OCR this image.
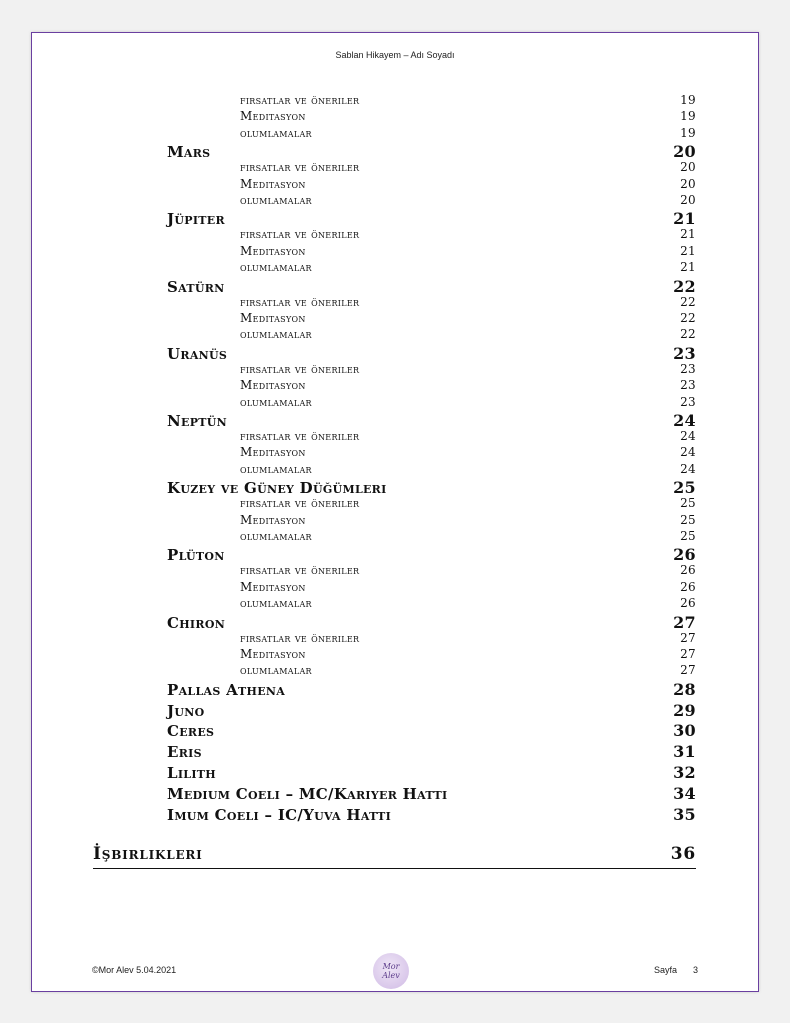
Sablan Hikayem – Adı Soyadı
fırsatlar ve öneriler	19
Meditasyon	19
olumlamalar	19
Mars	20
fırsatlar ve öneriler	20
Meditasyon	20
olumlamalar	20
Jüpiter	21
fırsatlar ve öneriler	21
Meditasyon	21
olumlamalar	21
Satürn	22
fırsatlar ve öneriler	22
Meditasyon	22
olumlamalar	22
Uranüs	23
fırsatlar ve öneriler	23
Meditasyon	23
olumlamalar	23
Neptün	24
fırsatlar ve öneriler	24
Meditasyon	24
olumlamalar	24
Kuzey ve Güney Düğümleri	25
fırsatlar ve öneriler	25
Meditasyon	25
olumlamalar	25
Plüton	26
fırsatlar ve öneriler	26
Meditasyon	26
olumlamalar	26
Chiron	27
fırsatlar ve öneriler	27
Meditasyon	27
olumlamalar	27
Pallas Athena	28
Juno	29
Ceres	30
Eris	31
Lilith	32
Medium Coeli – MC/Kariyer Hattı	34
Imum Coeli – IC/Yuva Hattı	35
İşbirlikleri	36
©Mor Alev 5.04.2021	Mor Alev
Sayfa 3
